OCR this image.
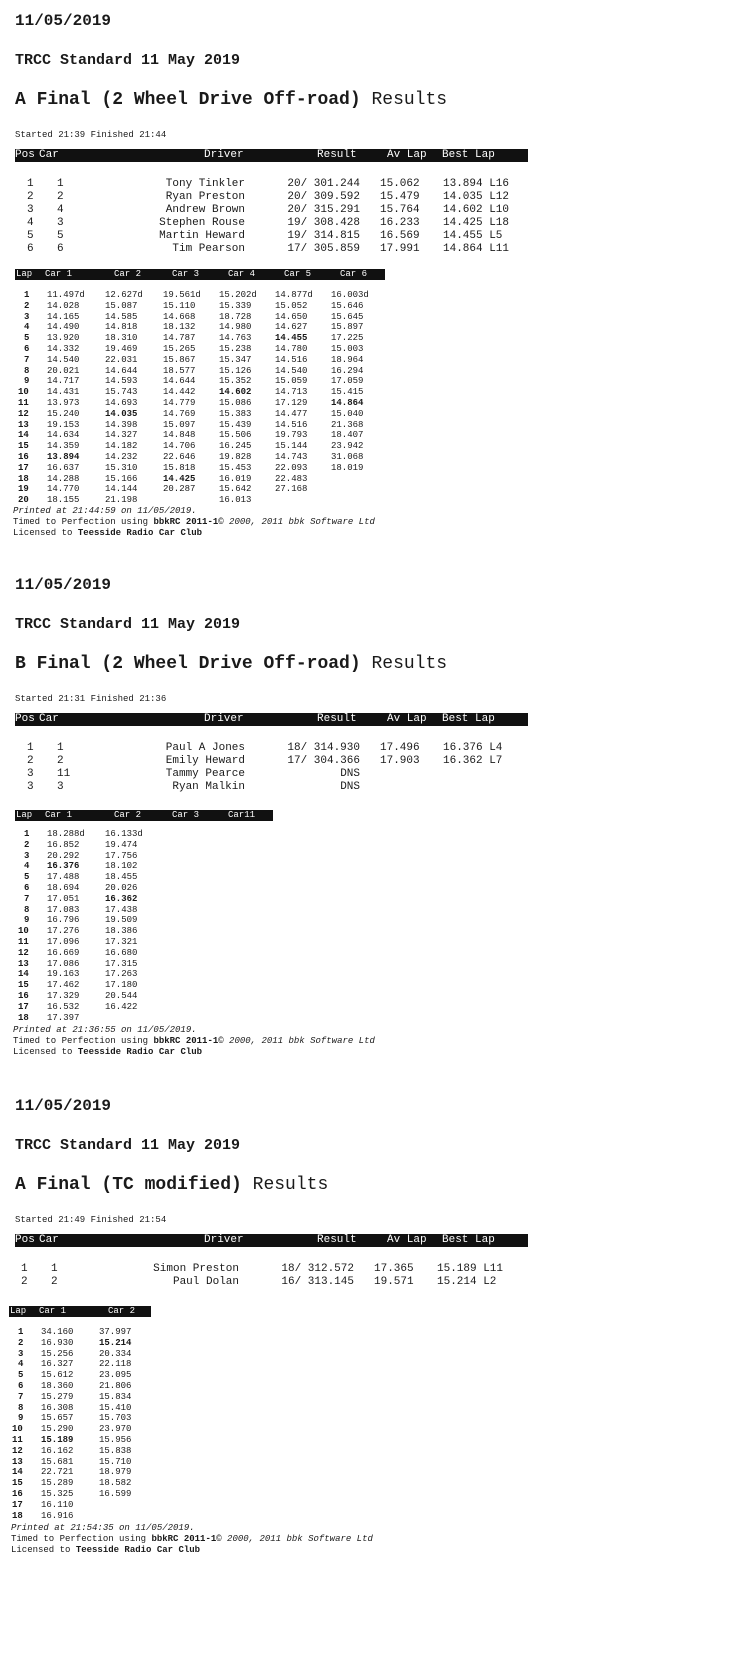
11/05/2019
TRCC Standard 11 May 2019
A Final (2 Wheel Drive Off-road) Results
Started 21:39 Finished 21:44
Pos Car	Driver	Result	Av Lap Best Lap
1 1	Tony Tinkler	20/ 301.244 15.062 13.894 L16
2 2	Ryan Preston	20/ 309.592 15.479 14.035 L12
3 4	Andrew Brown	20/ 315.291 15.764 14.602 L10
4 3	Stephen Rouse	19/ 308.428 16.233 14.425 L18
5 5	Martin Heward	19/ 314.815 16.569 14.455 L5
6 6	Tim Pearson	17/ 305.859 17.991 14.864 L11
Lap Car 1	Car 2	Car 3	Car 4	Car 5	Car 6
1 11.497d 12.627d 19.561d 15.202d 14.877d 16.003d
2 14.028	15.087	15.110	15.339	15.052	15.646
3 14.165	14.585	14.668	18.728	14.650	15.645
4 14.490	14.818	18.132	14.980	14.627	15.897
5 13.920	18.310	14.787	14.763	14.455	17.225
6 14.332	19.469	15.265	15.238	14.780	15.003
7 14.540	22.031	15.867	15.347	14.516	18.964
8 20.021	14.644	18.577	15.126	14.540	16.294
9 14.717	14.593	14.644	15.352	15.059	17.059
10 14.431	15.743	14.442	14.602	14.713	15.415
11 13.973	14.693	14.779	15.086	17.129	14.864
12 15.240	14.035	14.769	15.383	14.477	15.040
13 19.153	14.398	15.097	15.439	14.516	21.368
14 14.634	14.327	14.848	15.506	19.793	18.407
15 14.359	14.182	14.706	16.245	15.144	23.942
16 13.894	14.232	22.646	19.828	14.743	31.068
17 16.637	15.310	15.818	15.453	22.093	18.019
18 14.288	15.166	14.425	16.019	22.483
19 14.770	14.144	20.287	15.642	27.168
20 18.155	21.198	16.013
Printed at 21:44:59 on 11/05/2019.
Timed to Perfection using bbkRC 2011-1© 2000, 2011 bbk Software Ltd
Licensed to Teesside Radio Car Club
11/05/2019
TRCC Standard 11 May 2019
B Final (2 Wheel Drive Off-road) Results
Started 21:31 Finished 21:36
Pos Car	Driver	Result	Av Lap Best Lap
1 1	Paul A Jones	18/ 314.930 17.496 16.376 L4
2 2	Emily Heward	17/ 304.366 17.903 16.362 L7
3 11	Tammy Pearce	DNS
3 3	Ryan Malkin	DNS
Lap Car 1	Car 2	Car 3	Car11
1 18.288d 16.133d
2 16.852	19.474
3 20.292	17.756
4 16.376	18.102
5 17.488	18.455
6 18.694	20.026
7 17.051	16.362
8 17.083	17.438
9 16.796	19.509
10 17.276	18.386
11 17.096	17.321
12 16.669	16.680
13 17.086	17.315
14 19.163	17.263
15 17.462	17.180
16 17.329	20.544
17 16.532	16.422
18 17.397
Printed at 21:36:55 on 11/05/2019.
Timed to Perfection using bbkRC 2011-1© 2000, 2011 bbk Software Ltd
Licensed to Teesside Radio Car Club
11/05/2019
TRCC Standard 11 May 2019
A Final (TC modified) Results
Started 21:49 Finished 21:54
Pos Car	Driver	Result	Av Lap Best Lap
1 1	Simon Preston	18/ 312.572 17.365 15.189 L11
2 2	Paul Dolan	16/ 313.145 19.571 15.214 L2
Lap Car 1	Car 2
1 34.160	37.997
2 16.930	15.214
3 15.256	20.334
4 16.327	22.118
5 15.612	23.095
6 18.360	21.806
7 15.279	15.834
8 16.308	15.410
9 15.657	15.703
10 15.290	23.970
11 15.189	15.956
12 16.162	15.838
13 15.681	15.710
14 22.721	18.979
15 15.289	18.582
16 15.325	16.599
17 16.110
18 16.916
Printed at 21:54:35 on 11/05/2019.
Timed to Perfection using bbkRC 2011-1© 2000, 2011 bbk Software Ltd
Licensed to Teesside Radio Car Club
